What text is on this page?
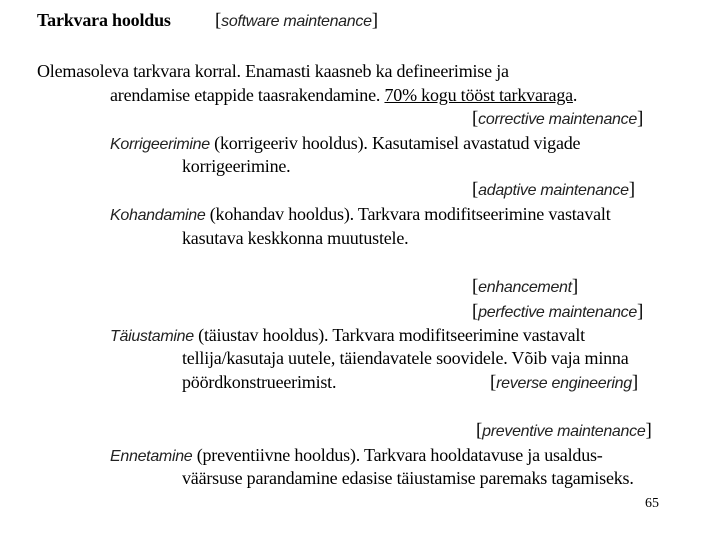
Tarkvara hooldus [software maintenance]
Olemasoleva tarkvara korral. Enamasti kaasneb ka defineerimise ja
arendamise etappide taasrakendamine. 70% kogu tööst tarkvaraga.
[corrective maintenance]
Korrigeerimine (korrigeeriv hooldus). Kasutamisel avastatud vigade
korrigeerimine.
[adaptive maintenance]
Kohandamine (kohandav hooldus). Tarkvara modifitseerimine vastavalt
kasutava keskkonna muutustele.
[enhancement]
[perfective maintenance]
Täiustamine (täiustav hooldus). Tarkvara modifitseerimine vastavalt
tellija/kasutaja uutele, täiendavatele soovidele. Võib vaja minna
pöördkonstrueerimist.	[reverse engineering]
[preventive maintenance]
Ennetamine (preventiivne hooldus). Tarkvara hooldatavuse ja usaldus-
väärsuse parandamine edasise täiustamise paremaks tagamiseks.
65
